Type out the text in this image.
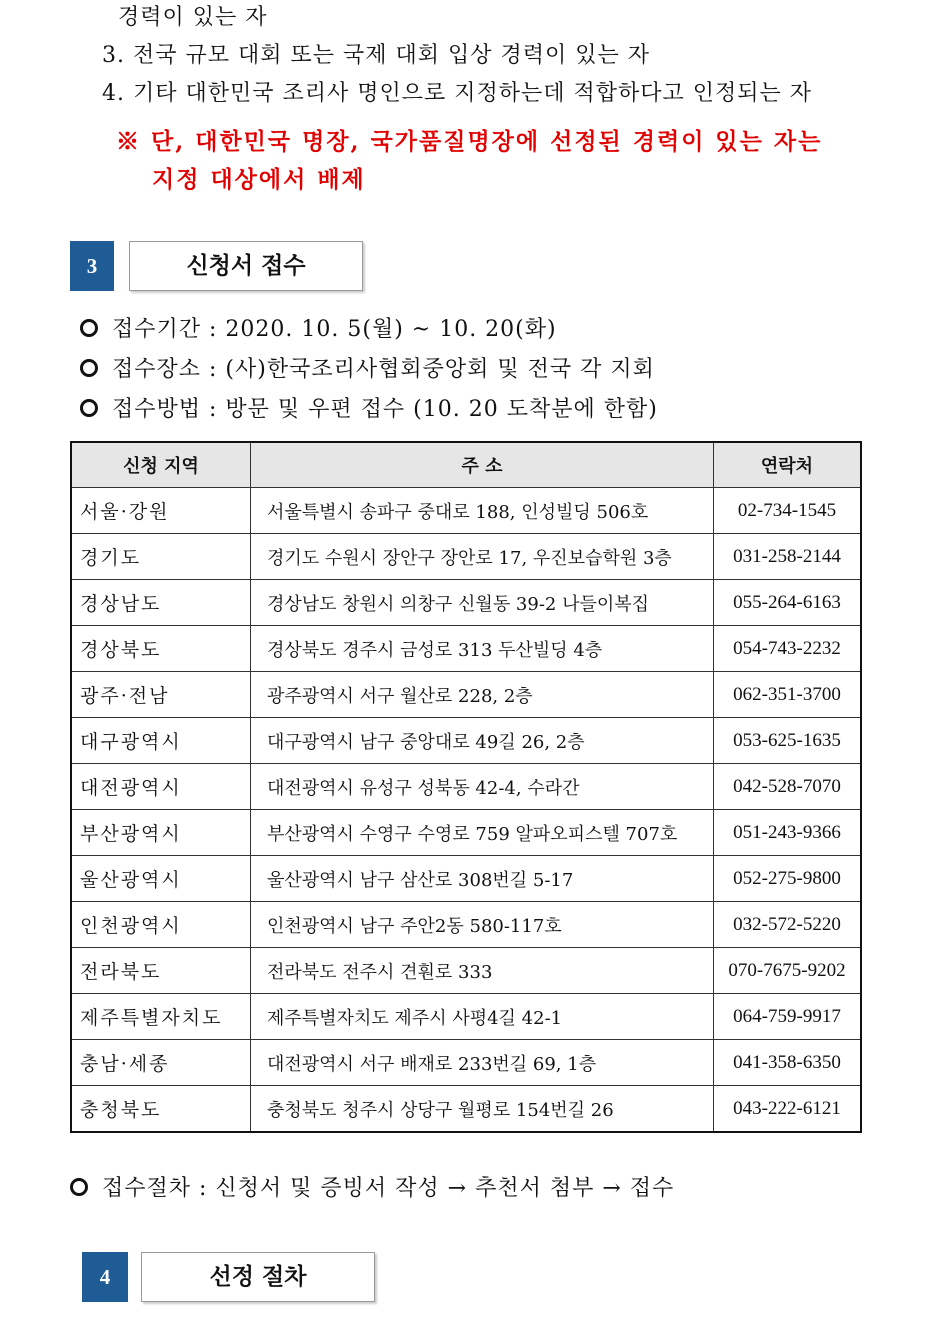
경력이 있는 자
3. 전국 규모 대회 또는 국제 대회 입상 경력이 있는 자
4. 기타 대한민국 조리사 명인으로 지정하는데 적합하다고 인정되는 자
※ 단, 대한민국 명장, 국가품질명장에 선정된 경력이 있는 자는
지정 대상에서 배제
3	신청서 접수
접수기간 : 2020. 10. 5(월) ~ 10. 20(화)
접수장소 : (사)한국조리사협회중앙회 및 전국 각 지회
접수방법 : 방문 및 우편 접수 (10. 20 도착분에 한함)
신청 지역	주 소	연락처
서울·강원	서울특별시 송파구 중대로 188, 인성빌딩 506호	02-734-1545
경기도	경기도 수원시 장안구 장안로 17, 우진보습학원 3층	031-258-2144
경상남도	경상남도 창원시 의창구 신월동 39-2 나들이복집	055-264-6163
경상북도	경상북도 경주시 금성로 313 두산빌딩 4층	054-743-2232
광주·전남	광주광역시 서구 월산로 228, 2층	062-351-3700
대구광역시	대구광역시 남구 중앙대로 49길 26, 2층	053-625-1635
대전광역시	대전광역시 유성구 성북동 42-4, 수라간	042-528-7070
부산광역시	부산광역시 수영구 수영로 759 알파오피스텔 707호	051-243-9366
울산광역시	울산광역시 남구 삼산로 308번길 5-17	052-275-9800
인천광역시	인천광역시 남구 주안2동 580-117호	032-572-5220
전라북도	전라북도 전주시 견훤로 333	070-7675-9202
제주특별자치도	제주특별자치도 제주시 사평4길 42-1	064-759-9917
충남·세종	대전광역시 서구 배재로 233번길 69, 1층	041-358-6350
충청북도	충청북도 청주시 상당구 월평로 154번길 26	043-222-6121
접수절차 : 신청서 및 증빙서 작성 → 추천서 첨부 → 접수
4	선정 절차
